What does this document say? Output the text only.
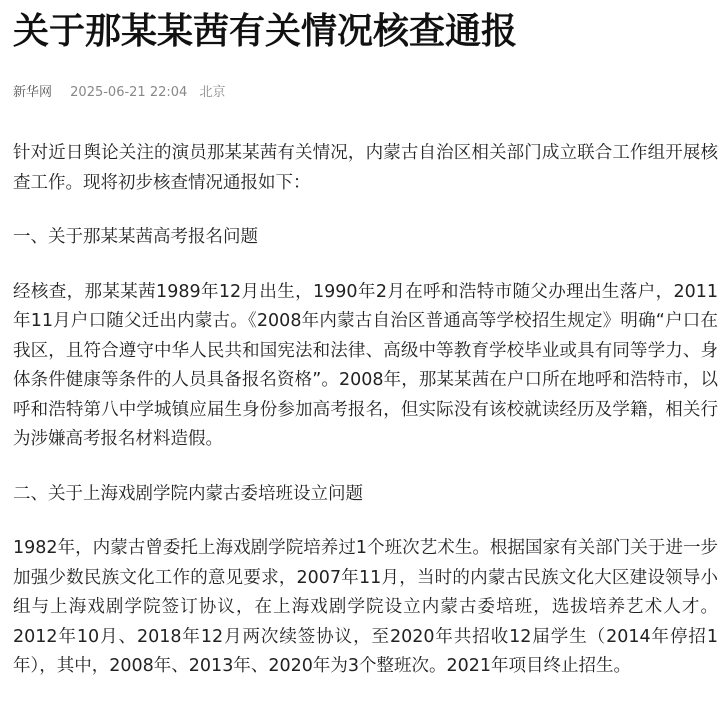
关于那某某茜有关情况核查通报
新华网 2025-06-21 22:04 北京

针对近日舆论关注的演员那某某茜有关情况，内蒙古自治区相关部门成立联合工作组开展核查工作。现将初步核查情况通报如下：

一、关于那某某茜高考报名问题

经核查，那某某茜1989年12月出生，1990年2月在呼和浩特市随父办理出生落户，2011年11月户口随父迁出内蒙古。《2008年内蒙古自治区普通高等学校招生规定》明确“户口在我区，且符合遵守中华人民共和国宪法和法律、高级中等教育学校毕业或具有同等学力、身体条件健康等条件的人员具备报名资格”。2008年，那某某茜在户口所在地呼和浩特市，以呼和浩特第八中学城镇应届生身份参加高考报名，但实际没有该校就读经历及学籍，相关行为涉嫌高考报名材料造假。

二、关于上海戏剧学院内蒙古委培班设立问题

1982年，内蒙古曾委托上海戏剧学院培养过1个班次艺术生。根据国家有关部门关于进一步加强少数民族文化工作的意见要求，2007年11月，当时的内蒙古民族文化大区建设领导小组与上海戏剧学院签订协议，在上海戏剧学院设立内蒙古委培班，选拔培养艺术人才。2012年10月、2018年12月两次续签协议，至2020年共招收12届学生（2014年停招1年），其中，2008年、2013年、2020年为3个整班次。2021年项目终止招生。
